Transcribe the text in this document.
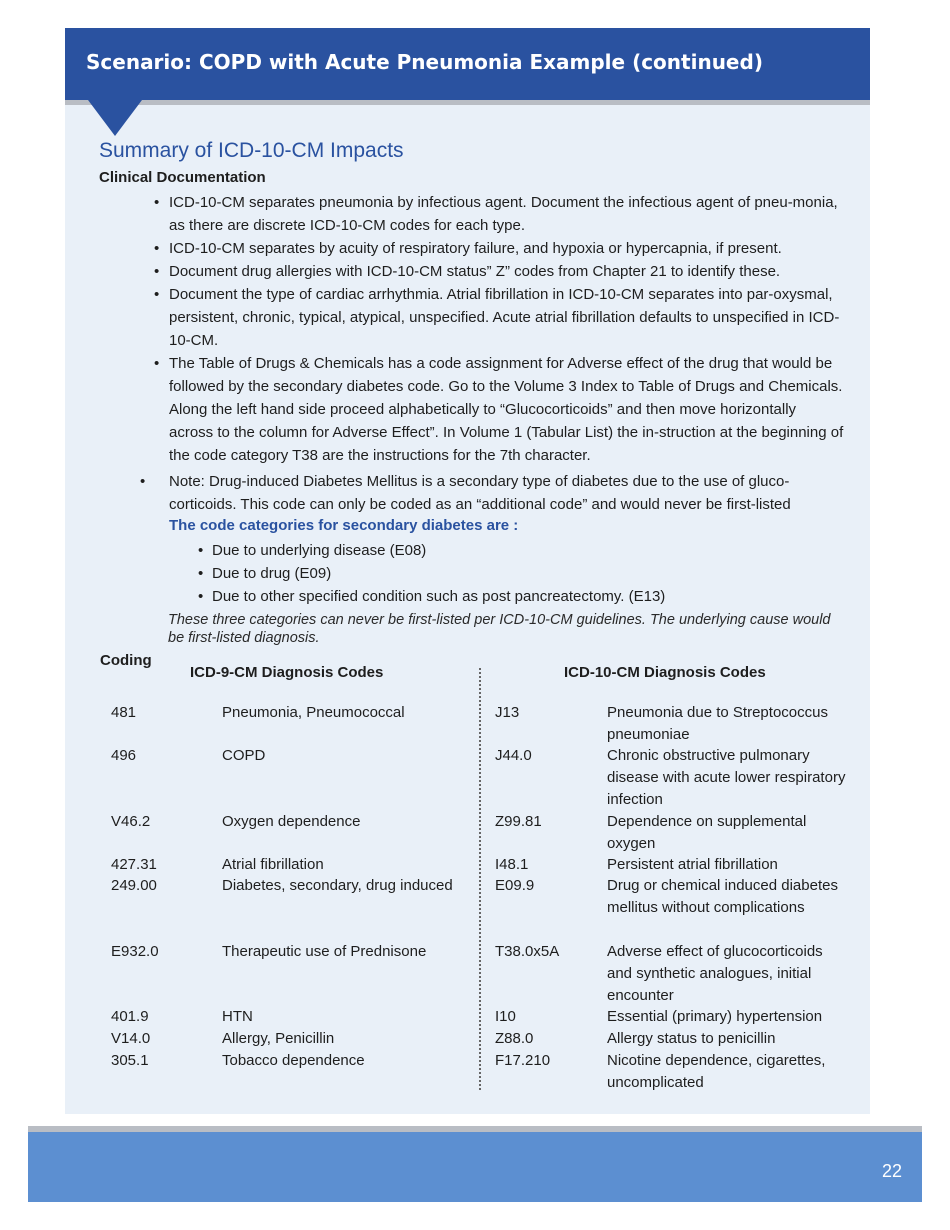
Scenario: COPD with Acute Pneumonia Example (continued)
Summary of ICD-10-CM Impacts
Clinical Documentation
• ICD-10-CM separates pneumonia by infectious agent. Document the infectious agent of pneu-monia, as there are discrete ICD-10-CM codes for each type.
• ICD-10-CM separates by acuity of respiratory failure, and hypoxia or hypercapnia, if present.
• Document drug allergies with ICD-10-CM status” Z” codes from Chapter 21 to identify these.
• Document the type of cardiac arrhythmia. Atrial fibrillation in ICD-10-CM separates into par-oxysmal, persistent, chronic, typical, atypical, unspecified. Acute atrial fibrillation defaults to unspecified in ICD-10-CM.
• The Table of Drugs & Chemicals has a code assignment for Adverse effect of the drug that would be followed by the secondary diabetes code. Go to the Volume 3 Index to Table of Drugs and Chemicals. Along the left hand side proceed alphabetically to “Glucocorticoids” and then move horizontally across to the column for Adverse Effect”. In Volume 1 (Tabular List) the in-struction at the beginning of the code category T38 are the instructions for the 7th character.
• Note: Drug-induced Diabetes Mellitus is a secondary type of diabetes due to the use of gluco-corticoids. This code can only be coded as an “additional code” and would never be first-listed
The code categories for secondary diabetes are :
• Due to underlying disease (E08)
• Due to drug (E09)
• Due to other specified condition such as post pancreatectomy. (E13)
These three categories can never be first-listed per ICD-10-CM guidelines. The underlying cause would be first-listed diagnosis.
Coding
ICD-9-CM Diagnosis Codes	ICD-10-CM Diagnosis Codes
481	Pneumonia, Pneumococcal	J13	Pneumonia due to Streptococcus pneumoniae
496	COPD	J44.0	Chronic obstructive pulmonary disease with acute lower respiratory infection
V46.2	Oxygen dependence	Z99.81	Dependence on supplemental oxygen
427.31	Atrial fibrillation	I48.1	Persistent atrial fibrillation
249.00	Diabetes, secondary, drug induced	E09.9	Drug or chemical induced diabetes mellitus without complications
E932.0	Therapeutic use of Prednisone	T38.0x5A	Adverse effect of glucocorticoids and synthetic analogues, initial encounter
401.9	HTN	I10	Essential (primary) hypertension
V14.0	Allergy, Penicillin	Z88.0	Allergy status to penicillin
305.1	Tobacco dependence	F17.210	Nicotine dependence, cigarettes, uncomplicated
22
